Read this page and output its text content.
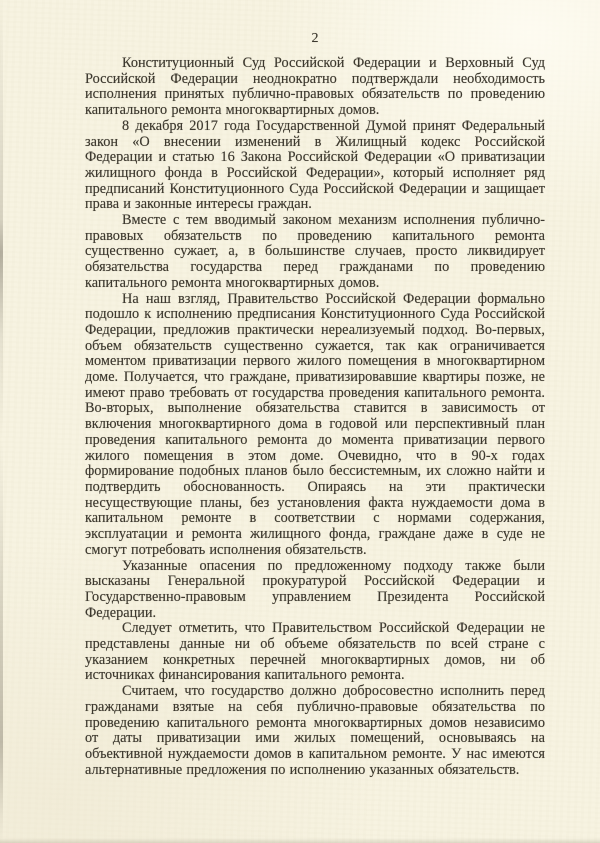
2

Конституционный Суд Российской Федерации и Верховный Суд Российской Федерации неоднократно подтверждали необходимость исполнения принятых публично-правовых обязательств по проведению капитального ремонта многоквартирных домов.

8 декабря 2017 года Государственной Думой принят Федеральный закон «О внесении изменений в Жилищный кодекс Российской Федерации и статью 16 Закона Российской Федерации «О приватизации жилищного фонда в Российской Федерации», который исполняет ряд предписаний Конституционного Суда Российской Федерации и защищает права и законные интересы граждан.

Вместе с тем вводимый законом механизм исполнения публично-правовых обязательств по проведению капитального ремонта существенно сужает, а, в большинстве случаев, просто ликвидирует обязательства государства перед гражданами по проведению капитального ремонта многоквартирных домов.

На наш взгляд, Правительство Российской Федерации формально подошло к исполнению предписания Конституционного Суда Российской Федерации, предложив практически нереализуемый подход. Во-первых, объем обязательств существенно сужается, так как ограничивается моментом приватизации первого жилого помещения в многоквартирном доме. Получается, что граждане, приватизировавшие квартиры позже, не имеют право требовать от государства проведения капитального ремонта. Во-вторых, выполнение обязательства ставится в зависимость от включения многоквартирного дома в годовой или перспективный план проведения капитального ремонта до момента приватизации первого жилого помещения в этом доме. Очевидно, что в 90-х годах формирование подобных планов было бессистемным, их сложно найти и подтвердить обоснованность. Опираясь на эти практически несуществующие планы, без установления факта нуждаемости дома в капитальном ремонте в соответствии с нормами содержания, эксплуатации и ремонта жилищного фонда, граждане даже в суде не смогут потребовать исполнения обязательств.

Указанные опасения по предложенному подходу также были высказаны Генеральной прокуратурой Российской Федерации и Государственно-правовым управлением Президента Российской Федерации.

Следует отметить, что Правительством Российской Федерации не представлены данные ни об объеме обязательств по всей стране с указанием конкретных перечней многоквартирных домов, ни об источниках финансирования капитального ремонта.

Считаем, что государство должно добросовестно исполнить перед гражданами взятые на себя публично-правовые обязательства по проведению капитального ремонта многоквартирных домов независимо от даты приватизации ими жилых помещений, основываясь на объективной нуждаемости домов в капитальном ремонте. У нас имеются альтернативные предложения по исполнению указанных обязательств.
